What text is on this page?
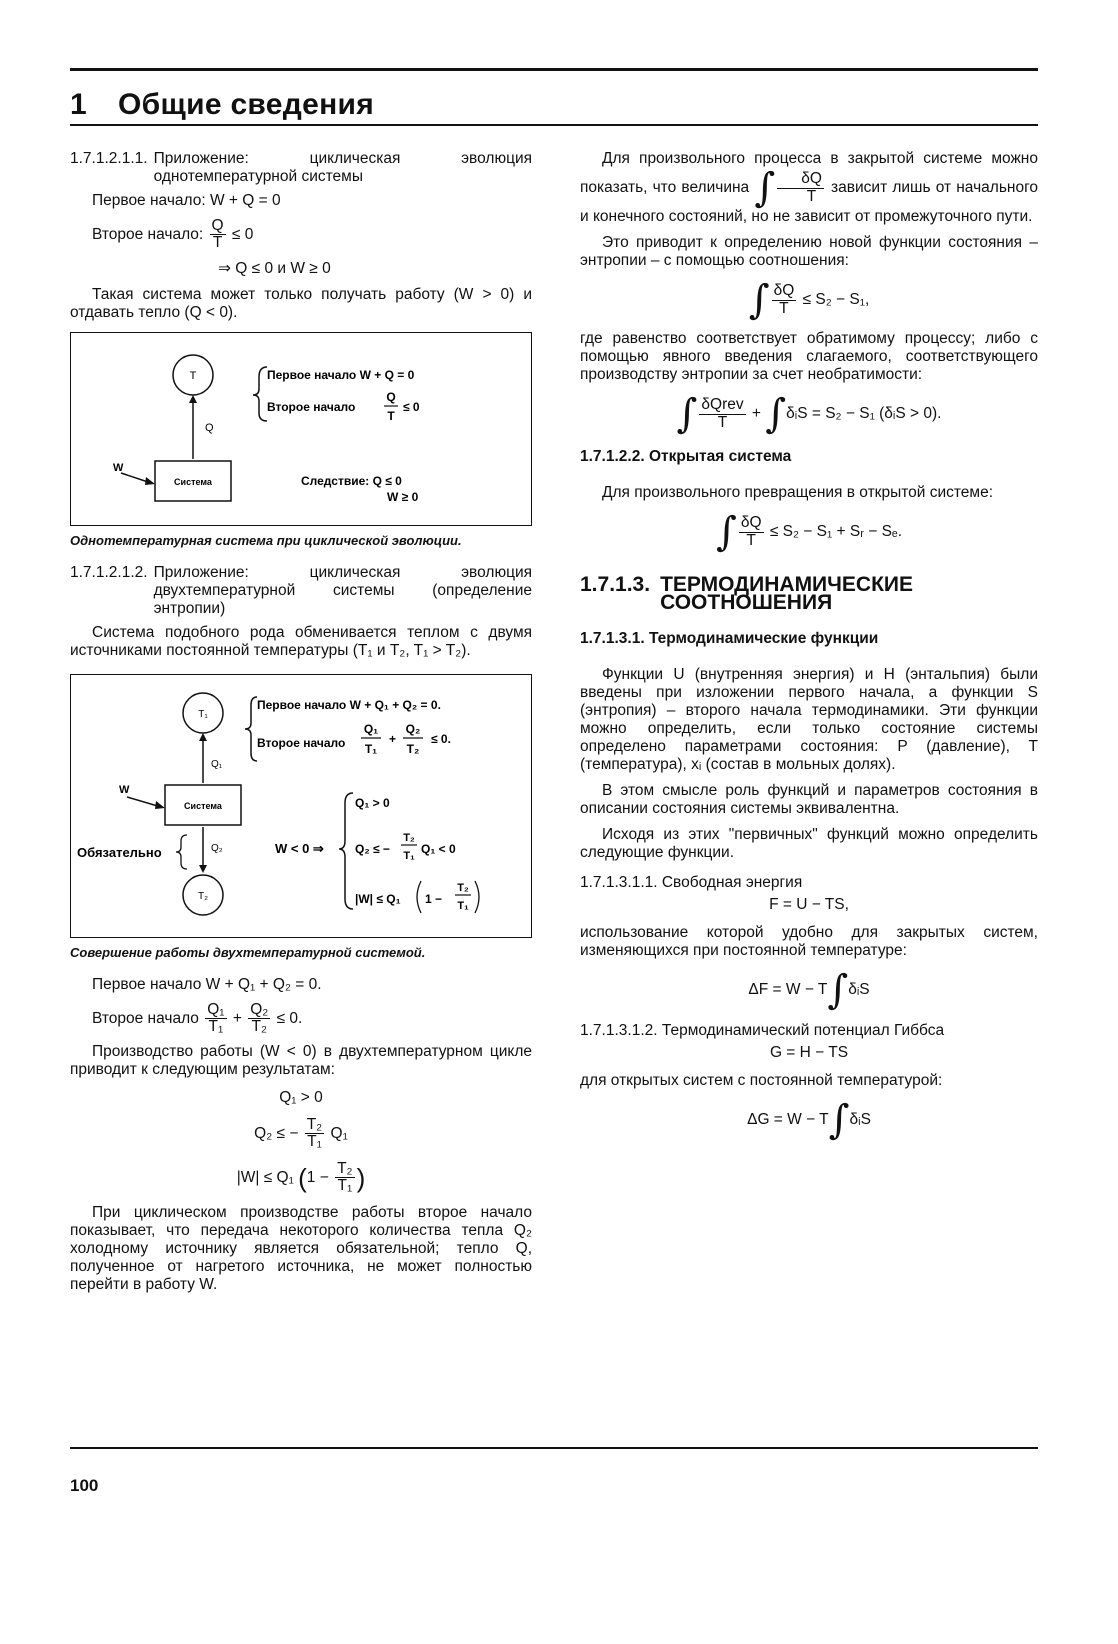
1 Общие сведения
1.7.1.2.1.1. Приложение: циклическая эволюция однотемпературной системы

Первое начало: W + Q = 0

Второе начало: $\frac{Q}{T} \le 0$

⇒ Q ≤ 0 и W ≥ 0

Такая система может только получать работу (W > 0) и отдавать тепло (Q < 0).

T
Q
Система
W
Первое начало W + Q = 0
Второе начало
Q
T
≤ 0
Следствие: Q ≤ 0
W ≥ 0
Однотемпературная система при циклической эволюции.
1.7.1.2.1.2. Приложение: циклическая эволюция двухтемпературной системы (определение энтропии)

Система подобного рода обменивается теплом с двумя источниками постоянной температуры (T₁ и T₂, T₁ > T₂).

T₁
Q₁
Система
W
Q₂
T₂
Обязательно
Первое начало W + Q₁ + Q₂ = 0.
Второе начало
Q₁
T₁
+
Q₂
T₂
≤ 0.
W < 0 ⇒
Q₁ > 0
Q₂ ≤ −
T₂
T₁ Q₁ < 0
|W| ≤ Q₁ 1 −
T₂
T₁
Совершение работы двухтемпературной системой.

Первое начало W + Q₁ + Q₂ = 0.

Второе начало $\frac{\text{Q₁}}{\text{T₁}} + \frac{\text{Q₂}}{\text{T₂}} \le 0$.

Производство работы (W < 0) в двухтемпературном цикле приводит к следующим результатам:

Q₁ > 0
Q₂ ≤ − $\frac{\text{T₂}}{\text{T₁}} Q_1$
|W| ≤ Q₁ ($1 - \frac{\text{T₂}}{\text{T₁}}$ )

При циклическом производстве работы второе начало показывает, что передача некоторого количества тепла Q₂ холодному источнику является обязательной; тепло Q, полученное от нагретого источника, не может полностью перейти в работу W.

Для произвольного процесса в закрытой системе можно показать, что величина ∫ $\frac{\delta Q}{T}$ зависит лишь от начального и конечного состояний, но не зависит от промежуточного пути.

Это приводит к определению новой функции состояния – энтропии – с помощью соотношения:

∫ $\frac{\delta Q}{T} \le S_2 - S_1$,

где равенство соответствует обратимому процессу; либо с помощью явного введения слагаемого, соответствующего производству энтропии за счет необратимости:

∫ δQrev
T	+ ∫δᵢS = S₂ − S₁ (δᵢS > 0).

1.7.1.2.2. Открытая система

Для произвольного превращения в открытой системе:

∫ $\frac{\delta Q}{T} \le S_2 - S_1$ + Sᵣ − Sₑ.
1.7.1.3. ТЕРМОДИНАМИЧЕСКИЕ СООТНОШЕНИЯ

1.7.1.3.1. Термодинамические функции

Функции U (внутренняя энергия) и H (энтальпия) были введены при изложении первого начала, а функции S (энтропия) – второго начала термодинамики. Эти функции можно определить, если только состояние системы определено параметрами состояния: P (давление), T (температура), xᵢ (состав в мольных долях).

В этом смысле роль функций и параметров состояния в описании состояния системы эквивалентна.

Исходя из этих "первичных" функций можно определить следующие функции.

1.7.1.3.1.1. Свободная энергия

F = U − TS,

использование которой удобно для закрытых систем, изменяющихся при постоянной температуре:

ΔF = W − T∫δᵢS

1.7.1.3.1.2. Термодинамический потенциал Гиббса

G = H − TS

для открытых систем с постоянной температурой:

ΔG = W − T∫δᵢS
100
